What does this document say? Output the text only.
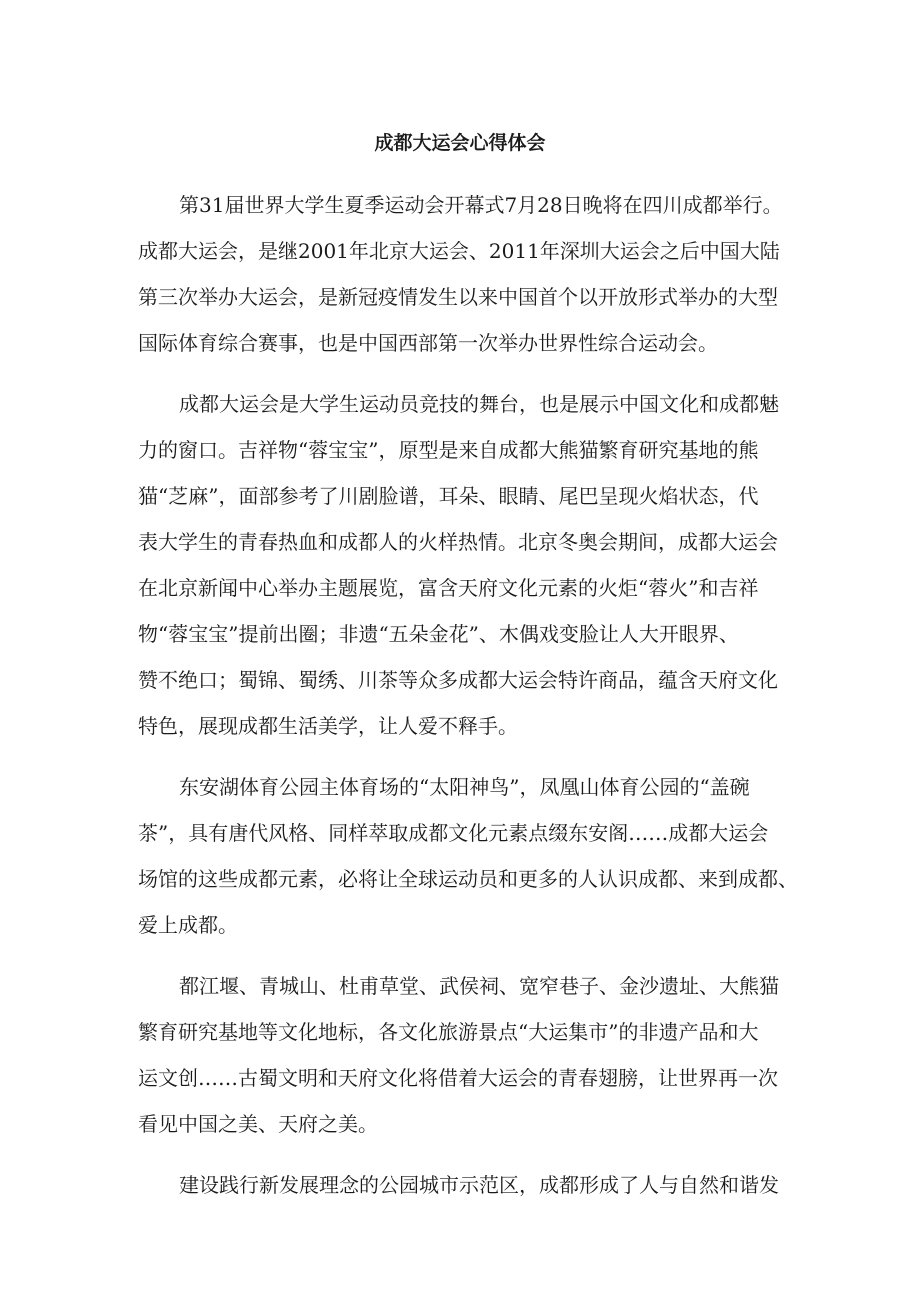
成都大运会心得体会

第31届世界大学生夏季运动会开幕式7月28日晚将在四川成都举行。
成都大运会，是继2001年北京大运会、2011年深圳大运会之后中国大陆
第三次举办大运会，是新冠疫情发生以来中国首个以开放形式举办的大型
国际体育综合赛事，也是中国西部第一次举办世界性综合运动会。

成都大运会是大学生运动员竞技的舞台，也是展示中国文化和成都魅
力的窗口。吉祥物“蓉宝宝”，原型是来自成都大熊猫繁育研究基地的熊
猫“芝麻”，面部参考了川剧脸谱，耳朵、眼睛、尾巴呈现火焰状态，代
表大学生的青春热血和成都人的火样热情。北京冬奥会期间，成都大运会
在北京新闻中心举办主题展览，富含天府文化元素的火炬“蓉火”和吉祥
物“蓉宝宝”提前出圈；非遗“五朵金花”、木偶戏变脸让人大开眼界、
赞不绝口；蜀锦、蜀绣、川茶等众多成都大运会特许商品，蕴含天府文化
特色，展现成都生活美学，让人爱不释手。

东安湖体育公园主体育场的“太阳神鸟”，凤凰山体育公园的“盖碗
茶”，具有唐代风格、同样萃取成都文化元素点缀东安阁……成都大运会
场馆的这些成都元素，必将让全球运动员和更多的人认识成都、来到成都、
爱上成都。

都江堰、青城山、杜甫草堂、武侯祠、宽窄巷子、金沙遗址、大熊猫
繁育研究基地等文化地标，各文化旅游景点“大运集市”的非遗产品和大
运文创……古蜀文明和天府文化将借着大运会的青春翅膀，让世界再一次
看见中国之美、天府之美。

建设践行新发展理念的公园城市示范区，成都形成了人与自然和谐发
